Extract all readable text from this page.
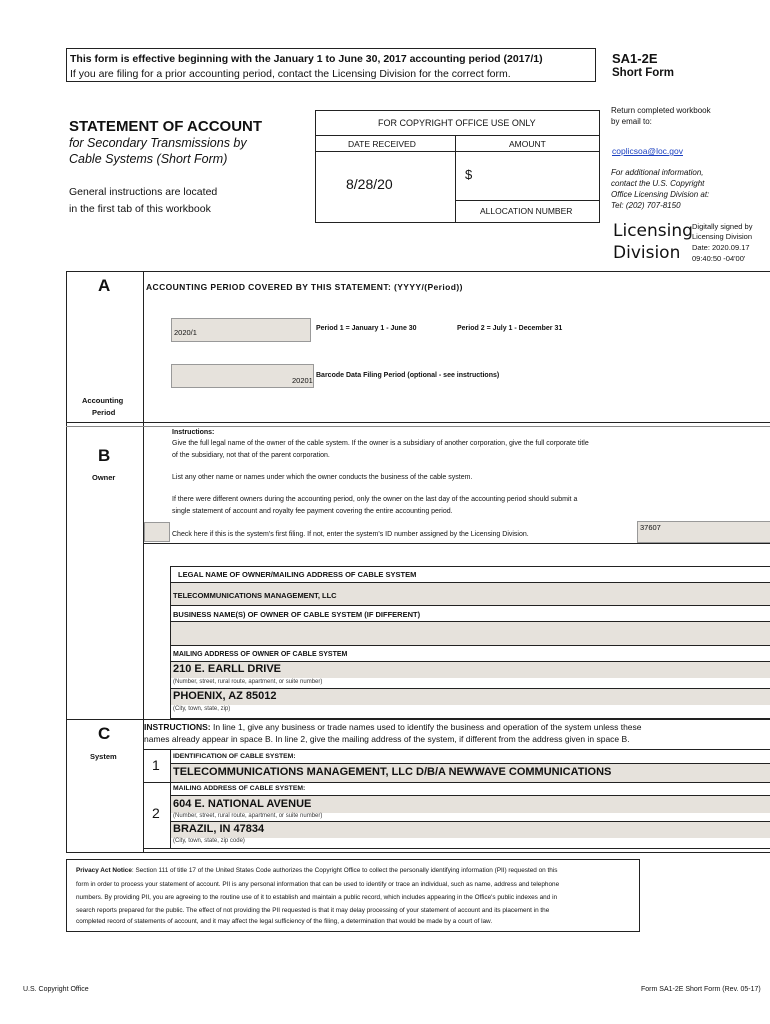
This form is effective beginning with the January 1 to June 30, 2017 accounting period (2017/1)
If you are filing for a prior accounting period, contact the Licensing Division for the correct form.
SA1-2E
Short Form
STATEMENT OF ACCOUNT
for Secondary Transmissions by
Cable Systems (Short Form)
General instructions are located
in the first tab of this workbook
FOR COPYRIGHT OFFICE USE ONLY
DATE RECEIVED	AMOUNT
8/28/20
$
ALLOCATION NUMBER
Return completed workbook
by email to:
coplicsoa@loc.gov
For additional information,
contact the U.S. Copyright
Office Licensing Division at:
Tel: (202) 707-8150
Licensing
Division
Digitally signed by
Licensing Division
Date: 2020.09.17
09:40:50 -04'00'
A
Accounting
Period
ACCOUNTING PERIOD COVERED BY THIS STATEMENT: (YYYY/(Period))
2020/1	Period 1 = January 1 - June 30	Period 2 = July 1 - December 31
20201
Barcode Data Filing Period (optional - see instructions)
B
Owner
Instructions:
Give the full legal name of the owner of the cable system. If the owner is a subsidiary of another corporation, give the full corporate title
of the subsidiary, not that of the parent corporation.
List any other name or names under which the owner conducts the business of the cable system.
If there were different owners during the accounting period, only the owner on the last day of the accounting period should submit a
single statement of account and royalty fee payment covering the entire accounting period.
Check here if this is the system's first filing. If not, enter the system's ID number assigned by the Licensing Division.
37607
LEGAL NAME OF OWNER/MAILING ADDRESS OF CABLE SYSTEM
TELECOMMUNICATIONS MANAGEMENT, LLC
BUSINESS NAME(S) OF OWNER OF CABLE SYSTEM (IF DIFFERENT)
MAILING ADDRESS OF OWNER OF CABLE SYSTEM
210 E. EARLL DRIVE
(Number, street, rural route, apartment, or suite number)
PHOENIX, AZ 85012
(City, town, state, zip)
C
System
INSTRUCTIONS: In line 1, give any business or trade names used to identify the business and operation of the system unless these
names already appear in space B. In line 2, give the mailing address of the system, if different from the address given in space B.
1
IDENTIFICATION OF CABLE SYSTEM:
TELECOMMUNICATIONS MANAGEMENT, LLC D/B/A NEWWAVE COMMUNICATIONS
MAILING ADDRESS OF CABLE SYSTEM:
2
604 E. NATIONAL AVENUE
(Number, street, rural route, apartment, or suite number)
BRAZIL, IN 47834
(City, town, state, zip code)
Privacy Act Notice: Section 111 of title 17 of the United States Code authorizes the Copyright Office to collect the personally identifying information (PII) requested on this
form in order to process your statement of account. PII is any personal information that can be used to identify or trace an individual, such as name, address and telephone
numbers. By providing PII, you are agreeing to the routine use of it to establish and maintain a public record, which includes appearing in the Office's public indexes and in
search reports prepared for the public. The effect of not providing the PII requested is that it may delay processing of your statement of account and its placement in the
completed record of statements of account, and it may affect the legal sufficiency of the filing, a determination that would be made by a court of law.
U.S. Copyright Office	Form SA1-2E Short Form (Rev. 05-17)
